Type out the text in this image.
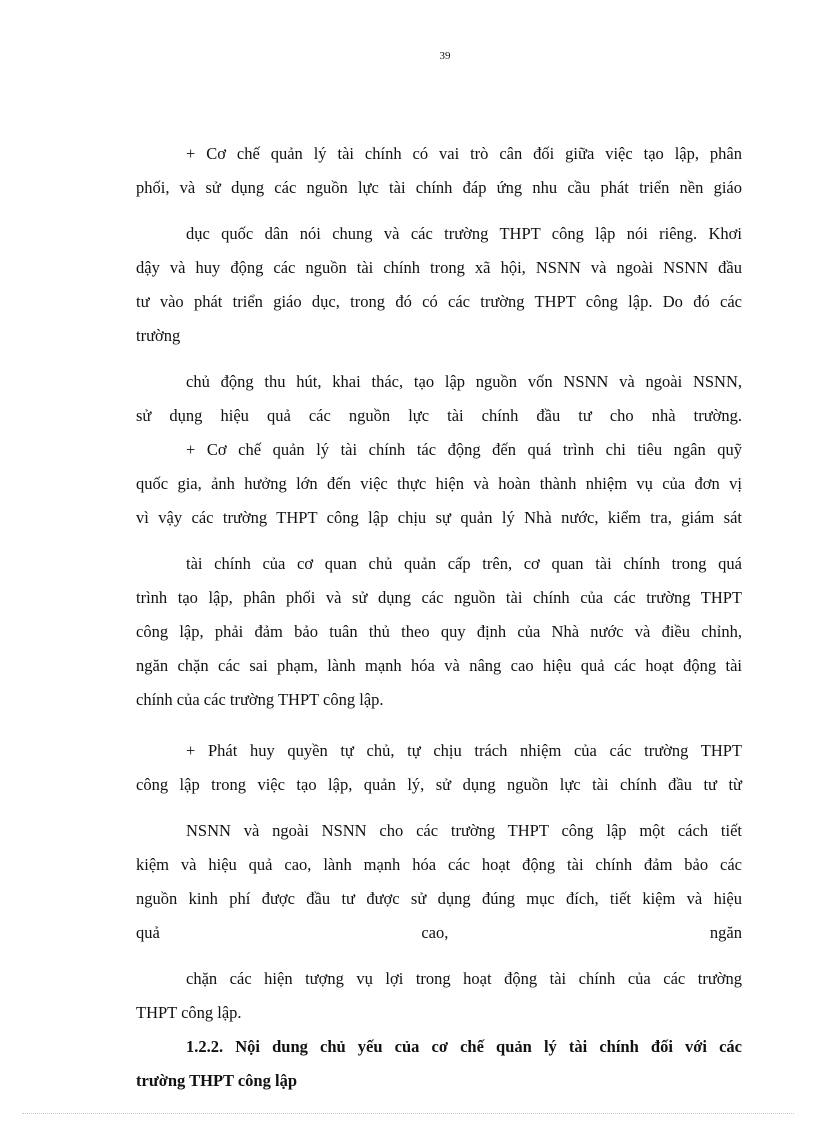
39
+ Cơ chế quản lý tài chính có vai trò cân đối giữa việc tạo lập, phân
phối, và sử dụng các nguồn lực tài chính đáp ứng nhu cầu phát triển nền giáo
dục quốc dân nói chung và các trường THPT công lập nói riêng. Khơi
dậy và huy động các nguồn tài chính trong xã hội, NSNN và ngoài NSNN đầu
tư vào phát triển giáo dục, trong đó có các trường THPT công lập. Do đó các
trường
chủ động thu hút, khai thác, tạo lập nguồn vốn NSNN và ngoài NSNN,
sử dụng hiệu quả các nguồn lực tài chính đầu tư cho nhà trường.
+ Cơ chế quản lý tài chính tác động đến quá trình chi tiêu ngân quỹ
quốc gia, ảnh hưởng lớn đến việc thực hiện và hoàn thành nhiệm vụ của đơn vị
vì vậy các trường THPT công lập chịu sự quản lý Nhà nước, kiểm tra, giám sát
tài chính của cơ quan chủ quản cấp trên, cơ quan tài chính trong quá
trình tạo lập, phân phối và sử dụng các nguồn tài chính của các trường THPT
công lập, phải đảm bảo tuân thủ theo quy định của Nhà nước và điều chỉnh,
ngăn chặn các sai phạm, lành mạnh hóa và nâng cao hiệu quả các hoạt động tài
chính của các trường THPT công lập.
+ Phát huy quyền tự chủ, tự chịu trách nhiệm của các trường THPT
công lập trong việc tạo lập, quản lý, sử dụng nguồn lực tài chính đầu tư từ
NSNN và ngoài NSNN cho các trường THPT công lập một cách tiết
kiệm và hiệu quả cao, lành mạnh hóa các hoạt động tài chính đảm bảo các
nguồn kinh phí được đầu tư được sử dụng đúng mục đích, tiết kiệm và hiệu
quả cao, ngăn
chặn các hiện tượng vụ lợi trong hoạt động tài chính của các trường
THPT công lập.
1.2.2. Nội dung chủ yếu của cơ chế quản lý tài chính đối với các
trường THPT công lập
